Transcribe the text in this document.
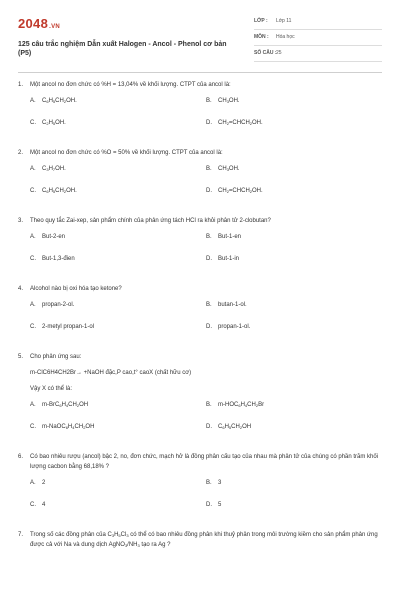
2048.VN
125 câu trắc nghiệm Dẫn xuất Halogen - Ancol - Phenol cơ bản (P5)
LỚP : Lớp 11
MÔN : Hóa học
SỐ CÂU : 25
1. Một ancol no đơn chức có %H = 13,04% về khối lượng. CTPT của ancol là:
A. $C_6H_5CH_2OH$.	B. $CH_3OH$.
C. $C_2H_5OH$.	D. $CH_2=CHCH_2OH$.
2. Một ancol no đơn chức có %O = 50% về khối lượng. CTPT của ancol là:
A. $C_3H_7OH$.	B. $CH_3OH$.
C. $C_6H_5CH_2OH$.	D. $CH_2=CHCH_2OH$.
3. Theo quy tắc Zai-xep, sản phẩm chính của phản ứng tách HCl ra khỏi phân tử 2-clobutan?
A. But-2-en	B. But-1-en
C. But-1,3-đien	D. But-1-in
4. Alcohol nào bị oxi hóa tạo ketone?
A. propan-2-ol.	B. butan-1-ol.
C. 2-metyl propan-1-ol	D. propan-1-ol.
5. Cho phản ứng sau:
m-ClC6H4CH2Br→ +NaOH đặc,P cao,t° caoX (chất hữu cơ)
Vậy X có thể là:
A. $m-BrC_6H_4CH_2OH$	B. $m-HOC_6H_4CH_2Br$
C. $m-NaOC_6H_4CH_2OH$	D. $C_6H_5CH_2OH$
6. Có bao nhiêu rượu (ancol) bậc 2, no, đơn chức, mạch hở là đồng phân cấu tạo của nhau mà phân tử của chúng có phần trăm khối lượng cacbon bằng 68,18% ?
A. 2	B. 3
C. 4	D. 5
7. Trong số các đồng phân của $C_3H_5Cl_3$ có thể có bao nhiêu đồng phân khi thuỷ phân trong môi trường kiềm cho sản phẩm phản ứng được cả với Na và dung dịch $AgNO_3/NH_3$ tạo ra Ag ?
